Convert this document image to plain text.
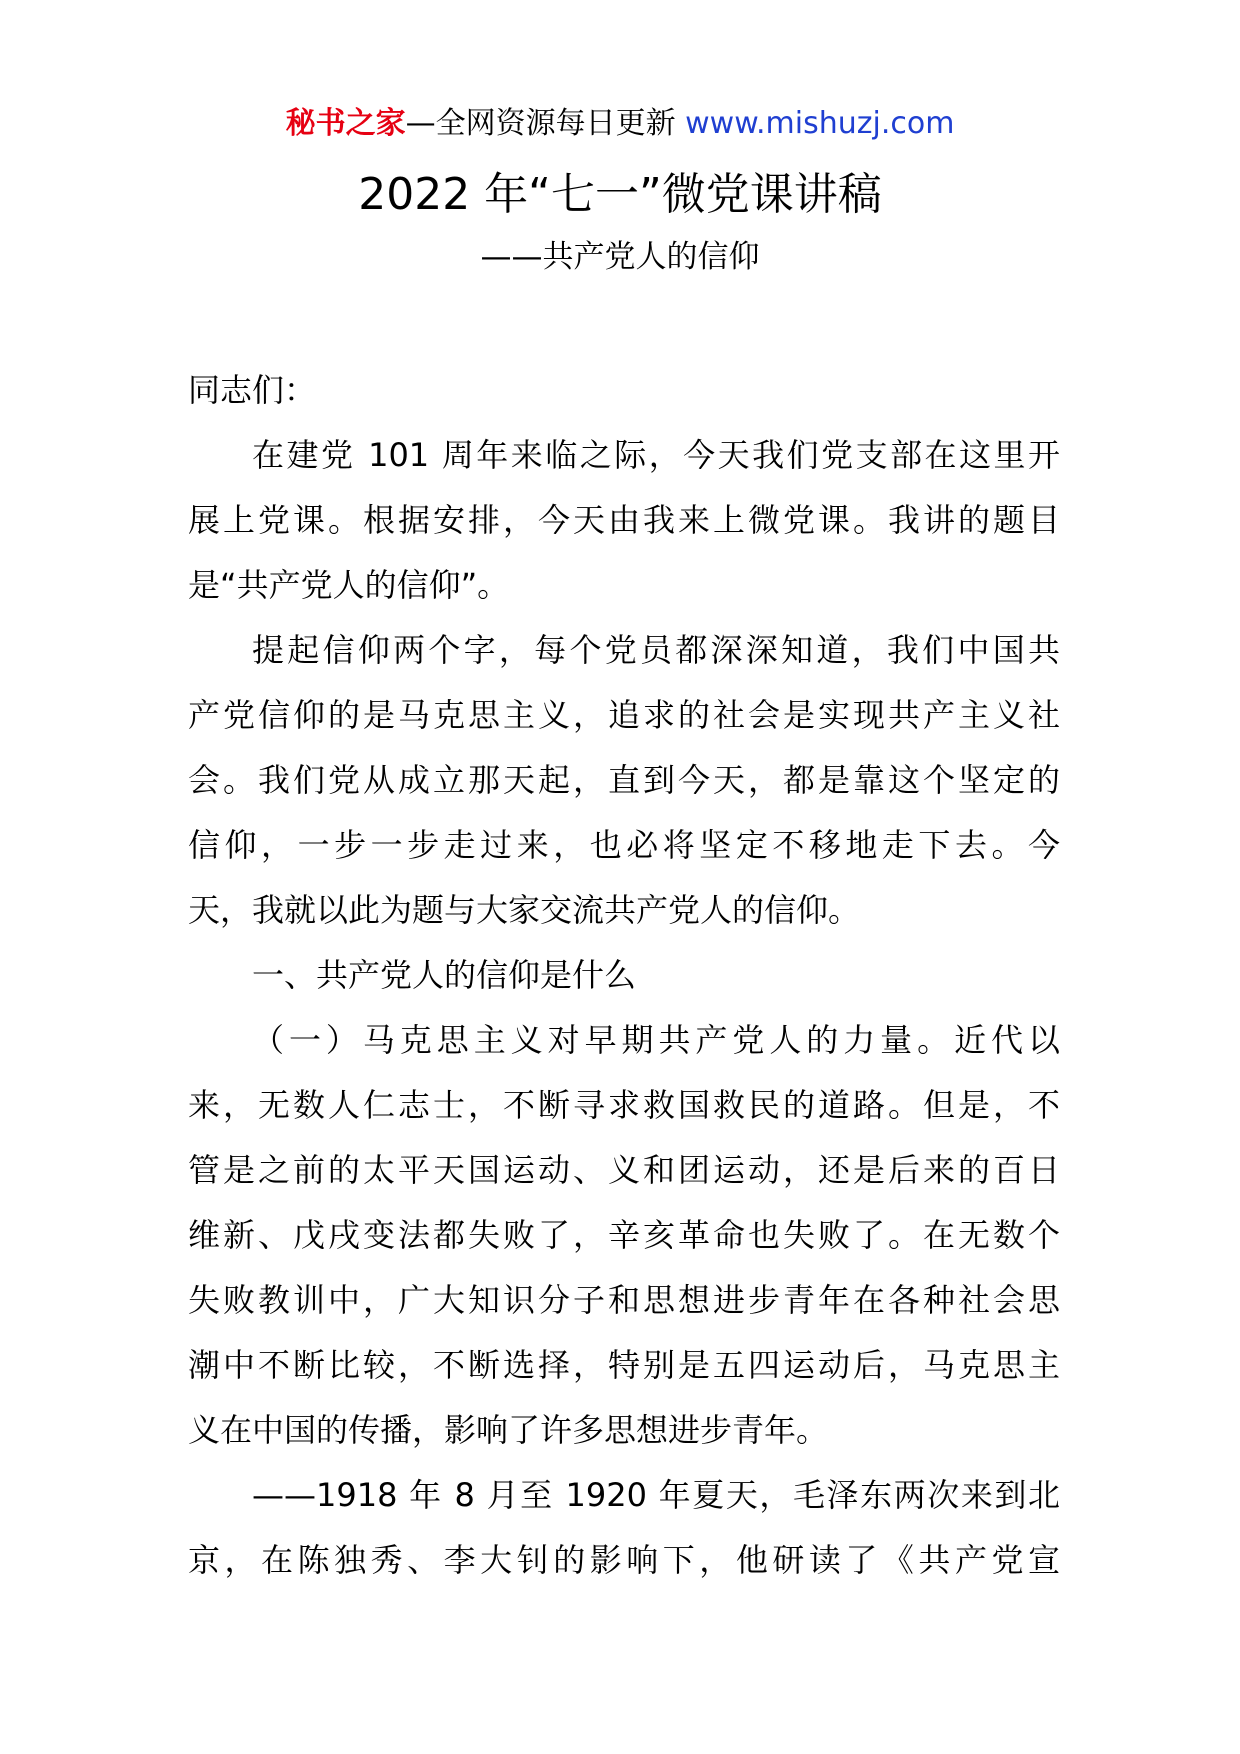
秘书之家—全网资源每日更新 www.mishuzj.com
2022 年“七一”微党课讲稿
——共产党人的信仰
同志们：
在建党 101 周年来临之际，今天我们党支部在这里开
展上党课。根据安排，今天由我来上微党课。我讲的题目
是“共产党人的信仰”。
提起信仰两个字，每个党员都深深知道，我们中国共
产党信仰的是马克思主义，追求的社会是实现共产主义社
会。我们党从成立那天起，直到今天，都是靠这个坚定的
信仰，一步一步走过来，也必将坚定不移地走下去。今
天，我就以此为题与大家交流共产党人的信仰。
一、共产党人的信仰是什么
（一）马克思主义对早期共产党人的力量。近代以
来，无数人仁志士，不断寻求救国救民的道路。但是，不
管是之前的太平天国运动、义和团运动，还是后来的百日
维新、戊戌变法都失败了，辛亥革命也失败了。在无数个
失败教训中，广大知识分子和思想进步青年在各种社会思
潮中不断比较，不断选择，特别是五四运动后，马克思主
义在中国的传播，影响了许多思想进步青年。
——1918 年 8 月至 1920 年夏天，毛泽东两次来到北
京，在陈独秀、李大钊的影响下，他研读了《共产党宣
